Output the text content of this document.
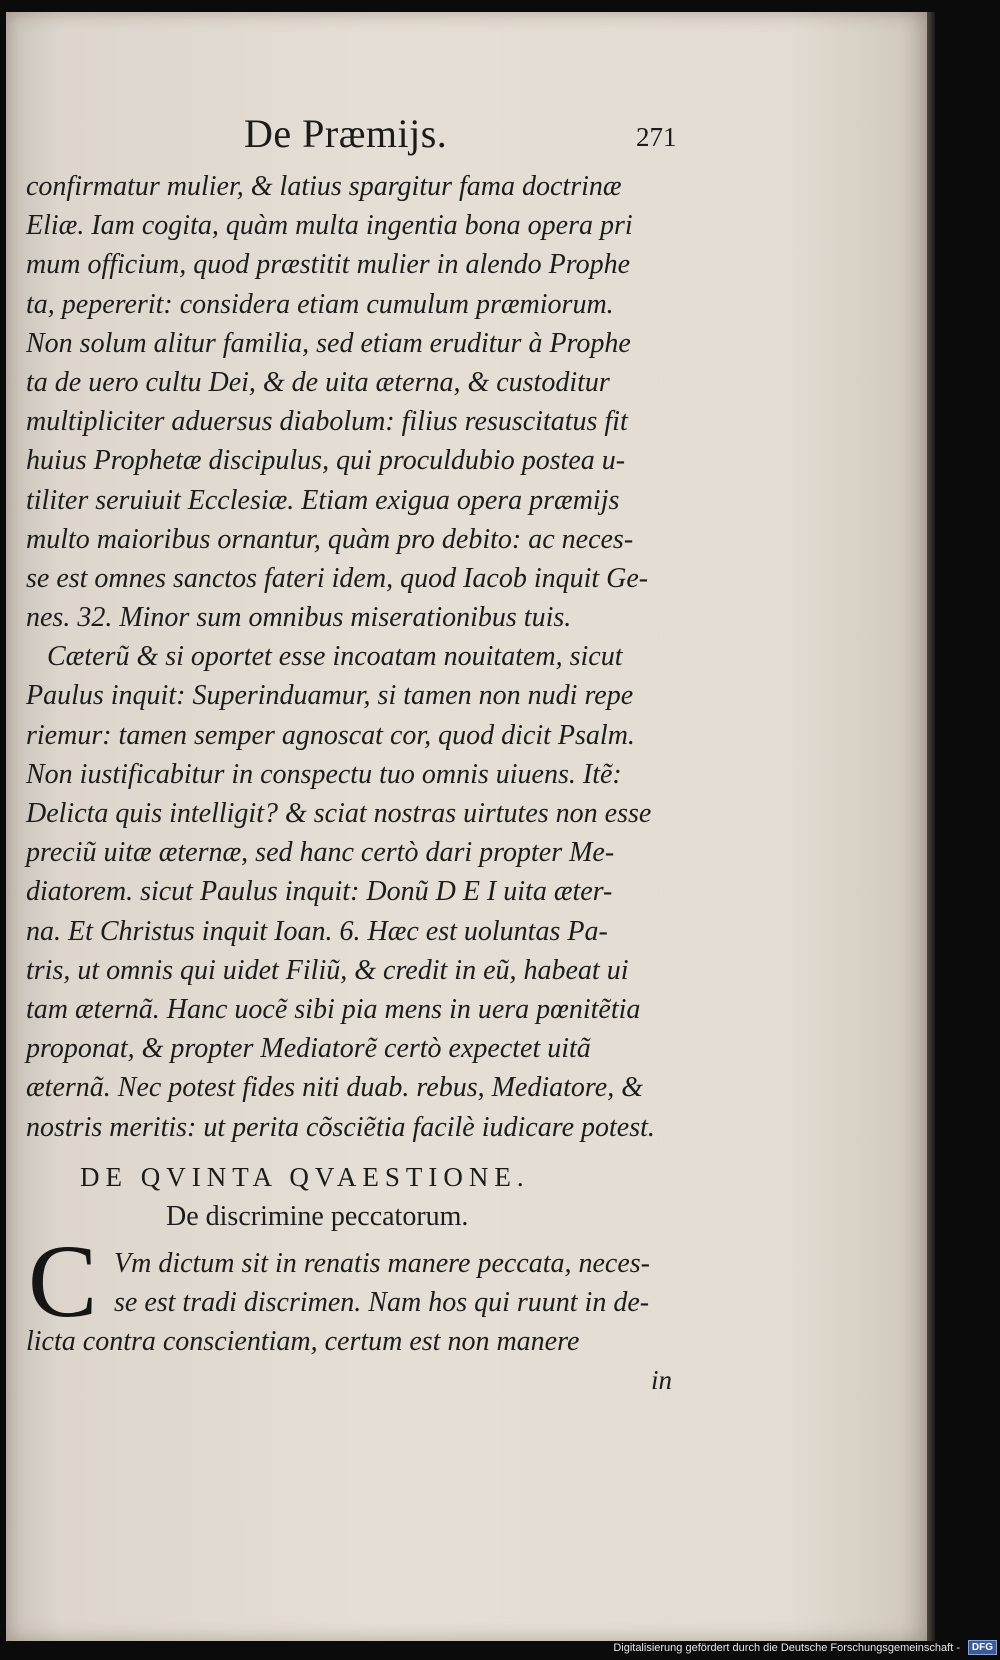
De Præmijs.	271
confirmatur mulier, & latius spargitur fama doctrinæ
Eliæ. Iam cogita, quàm multa ingentia bona opera pri
mum officium, quod præstitit mulier in alendo Prophe
ta, pepererit: considera etiam cumulum præmiorum.
Non solum alitur familia, sed etiam eruditur à Prophe
ta de uero cultu Dei, & de uita æterna, & custoditur
multipliciter aduersus diabolum: filius resuscitatus fit
huius Prophetæ discipulus, qui proculdubio postea u-
tiliter seruiuit Ecclesiæ. Etiam exigua opera præmijs
multo maioribus ornantur, quàm pro debito: ac neces-
se est omnes sanctos fateri idem, quod Iacob inquit Ge-
nes. 32. Minor sum omnibus miserationibus tuis.
Cæterũ & si oportet esse incoatam nouitatem, sicut
Paulus inquit: Superinduamur, si tamen non nudi repe
riemur: tamen semper agnoscat cor, quod dicit Psalm.
Non iustificabitur in conspectu tuo omnis uiuens. Itẽ:
Delicta quis intelligit? & sciat nostras uirtutes non esse
preciũ uitæ æternæ, sed hanc certò dari propter Me-
diatorem. sicut Paulus inquit: Donũ D E I uita æter-
na. Et Christus inquit Ioan. 6. Hæc est uoluntas Pa-
tris, ut omnis qui uidet Filiũ, & credit in eũ, habeat ui
tam æternã. Hanc uocẽ sibi pia mens in uera pœnitẽtia
proponat, & propter Mediatorẽ certò expectet uitã
æternã. Nec potest fides niti duab. rebus, Mediatore, &
nostris meritis: ut perita cõsciẽtia facilè iudicare potest.
DE QVINTA QVAESTIONE.
De discrimine peccatorum.
C Vm dictum sit in renatis manere peccata, neces-
se est tradi discrimen. Nam hos qui ruunt in de-
licta contra conscientiam, certum est non manere
in
Digitalisierung gefördert durch die Deutsche Forschungsgemeinschaft -	DFG
